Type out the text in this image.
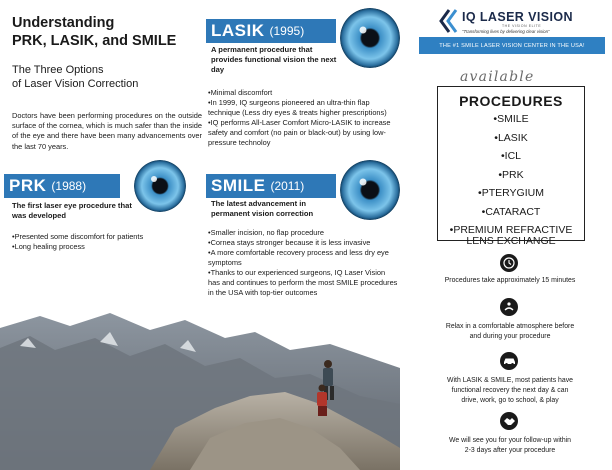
Understanding
PRK, LASIK, and SMILE
The Three Options
of Laser Vision Correction
Doctors have been performing procedures on the outside surface of the cornea, which is much safer than the inside of the eye and there have been many advancements over the last 70 years.
PRK (1988)
The first laser eye procedure that was developed
•Presented some discomfort for patients
•Long healing process
LASIK (1995)
A permanent procedure that provides functional vision the next day
•Minimal discomfort
•In 1999, IQ surgeons pioneered an ultra-thin flap technique (Less dry eyes & treats higher prescriptions)
•IQ performs All-Laser Comfort Micro-LASIK to increase safety and comfort (no pain or black-out) by using low-pressure technoloy
SMILE (2011)
The latest advancement in permanent vision correction
•Smaller incision, no flap procedure
•Cornea stays stronger because it is less invasive
•A more comfortable recovery process and less dry eye symptoms
•Thanks to our experienced surgeons, IQ Laser Vision has and continues to perform the most SMILE procedures in the USA with top-tier outcomes
IQ LASER VISION
THE VISION ELITE
“Transforming lives by delivering clear vision”
THE #1 SMILE LASER VISION CENTER IN THE USA!
available
PROCEDURES
•SMILE
•LASIK
•ICL
•PRK
•PTERYGIUM
•CATARACT
•PREMIUM REFRACTIVE
LENS EXCHANGE
Procedures take approximately 15 minutes
Relax in a comfortable atmosphere before
and during your procedure
With LASIK & SMILE, most patients have
functional recovery the next day & can
drive, work, go to school, & play
We will see you for your follow-up within
2-3 days after your procedure
